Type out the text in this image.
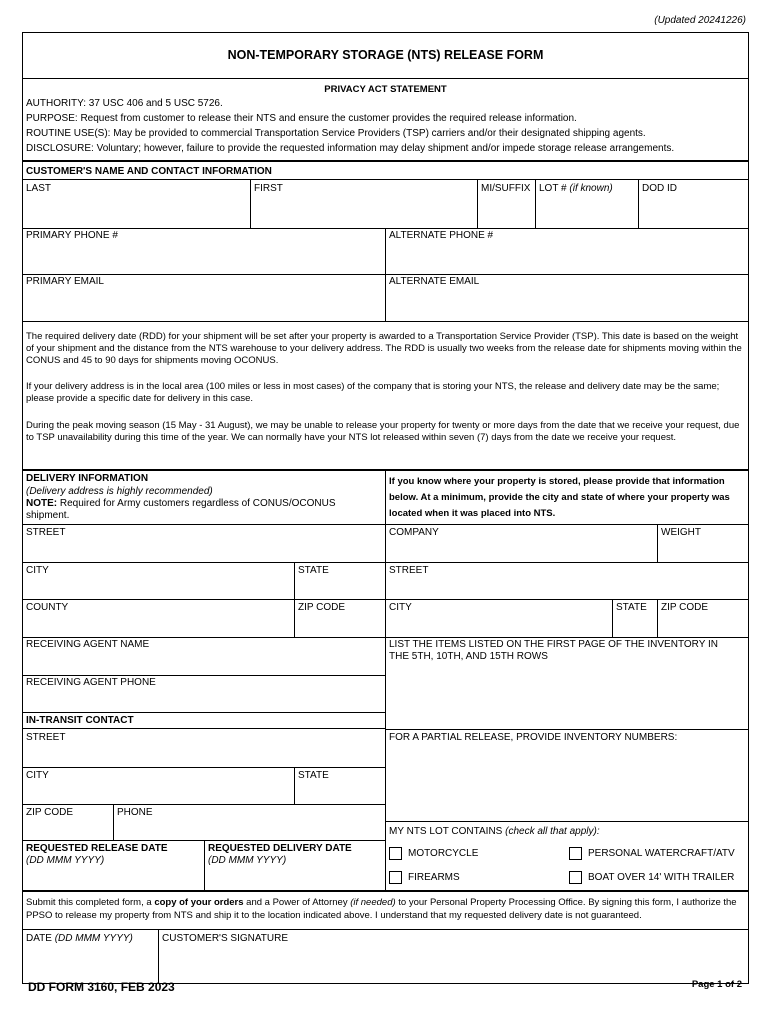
(Updated 20241226)
NON-TEMPORARY STORAGE (NTS) RELEASE FORM
PRIVACY ACT STATEMENT
AUTHORITY: 37 USC 406 and 5 USC 5726.
PURPOSE: Request from customer to release their NTS and ensure the customer provides the required release information.
ROUTINE USE(S): May be provided to commercial Transportation Service Providers (TSP) carriers and/or their designated shipping agents.
DISCLOSURE: Voluntary; however, failure to provide the requested information may delay shipment and/or impede storage release arrangements.
CUSTOMER'S NAME AND CONTACT INFORMATION
LAST	FIRST	MI/SUFFIX LOT # (if known)	DOD ID
PRIMARY PHONE #	ALTERNATE PHONE #
PRIMARY EMAIL	ALTERNATE EMAIL
The required delivery date (RDD) for your shipment will be set after your property is awarded to a Transportation Service Provider (TSP). This date is based on the weight of your shipment and the distance from the NTS warehouse to your delivery address. The RDD is usually two weeks from the release date for shipments moving within the CONUS and 45 to 90 days for shipments moving OCONUS.
If your delivery address is in the local area (100 miles or less in most cases) of the company that is storing your NTS, the release and delivery date may be the same; please provide a specific date for delivery in this case.
During the peak moving season (15 May - 31 August), we may be unable to release your property for twenty or more days from the date that we receive your request, due to TSP unavailability during this time of the year. We can normally have your NTS lot released within seven (7) days from the date we receive your request.
DELIVERY INFORMATION
(Delivery address is highly recommended)
NOTE: Required for Army customers regardless of CONUS/OCONUS shipment.
STREET
CITY	STATE
COUNTY	ZIP CODE
RECEIVING AGENT NAME
RECEIVING AGENT PHONE
IN-TRANSIT CONTACT
STREET
CITY	STATE
ZIP CODE	PHONE
REQUESTED RELEASE DATE
(DD MMM YYYY)
REQUESTED DELIVERY DATE
(DD MMM YYYY)
If you know where your property is stored, please provide that information below. At a minimum, provide the city and state of where your property was located when it was placed into NTS.
COMPANY	WEIGHT
STREET
CITY	STATE ZIP CODE
LIST THE ITEMS LISTED ON THE FIRST PAGE OF THE INVENTORY IN THE 5TH, 10TH, AND 15TH ROWS
FOR A PARTIAL RELEASE, PROVIDE INVENTORY NUMBERS:
MY NTS LOT CONTAINS (check all that apply):
MOTORCYCLE	PERSONAL WATERCRAFT/ATV
FIREARMS	BOAT OVER 14' WITH TRAILER
Submit this completed form, a copy of your orders and a Power of Attorney (if needed) to your Personal Property Processing Office. By signing this form, I authorize the PPSO to release my property from NTS and ship it to the location indicated above. I understand that my requested delivery date is not guaranteed.
DATE (DD MMM YYYY)	CUSTOMER'S SIGNATURE
DD FORM 3160, FEB 2023	Page 1 of 2
